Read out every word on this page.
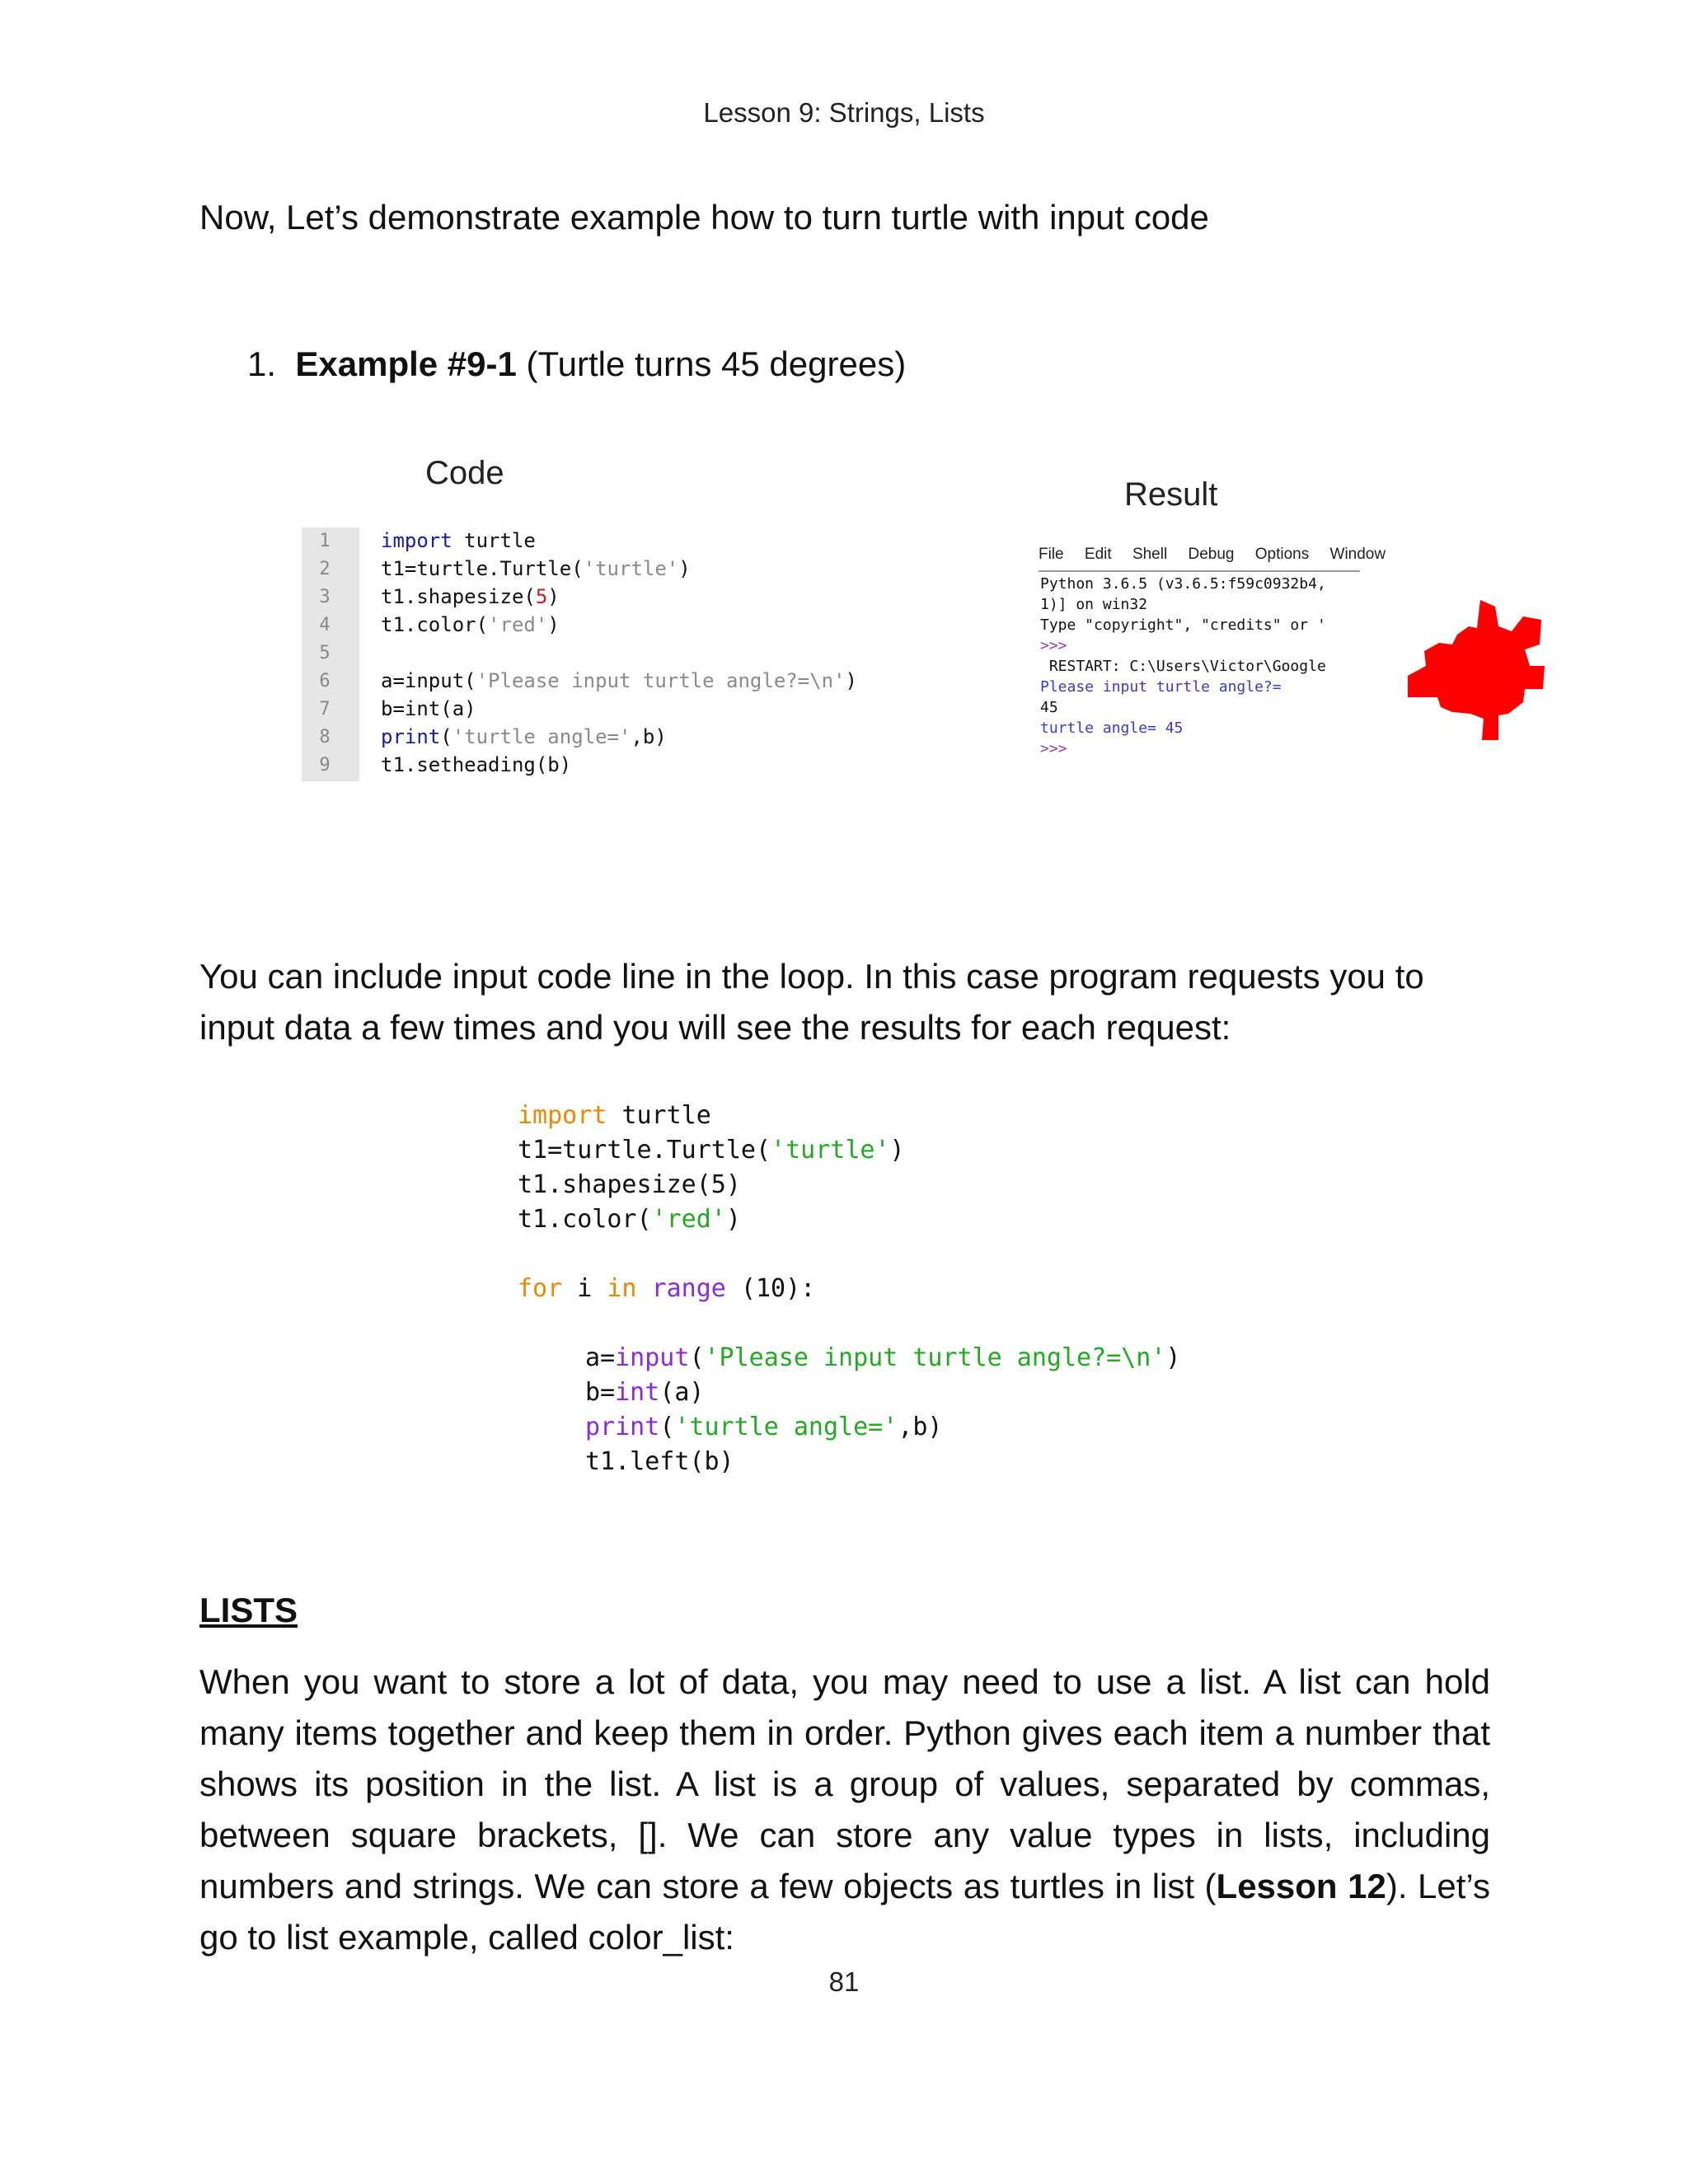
Lesson 9: Strings, Lists
Now, Let’s demonstrate example how to turn turtle with input code
1. Example #9-1 (Turtle turns 45 degrees)
Code
Result
1
2
3
4
5
6
7
8
9
import turtle
t1=turtle.Turtle('turtle')
t1.shapesize(5)
t1.color('red')
a=input('Please input turtle angle?=\n')
b=int(a)
print('turtle angle=',b)
t1.setheading(b)
File Edit Shell Debug Options Window
Python 3.6.5 (v3.6.5:f59c0932b4,
1)] on win32
Type "copyright", "credits" or '
>>>
RESTART: C:\Users\Victor\Google
Please input turtle angle?=
45
turtle angle= 45
>>>
You can include input code line in the loop. In this case program requests you to input data a few times and you will see the results for each request:
import turtle
t1=turtle.Turtle('turtle')
t1.shapesize(5)
t1.color('red')
for i in range (10):
a=input('Please input turtle angle?=\n')
b=int(a)
print('turtle angle=',b)
t1.left(b)
LISTS
When you want to store a lot of data, you may need to use a list. A list can hold many items together and keep them in order. Python gives each item a number that shows its position in the list. A list is a group of values, separated by commas, between square brackets, []. We can store any value types in lists, including numbers and strings. We can store a few objects as turtles in list (Lesson 12). Let’s go to list example, called color_list:
81
